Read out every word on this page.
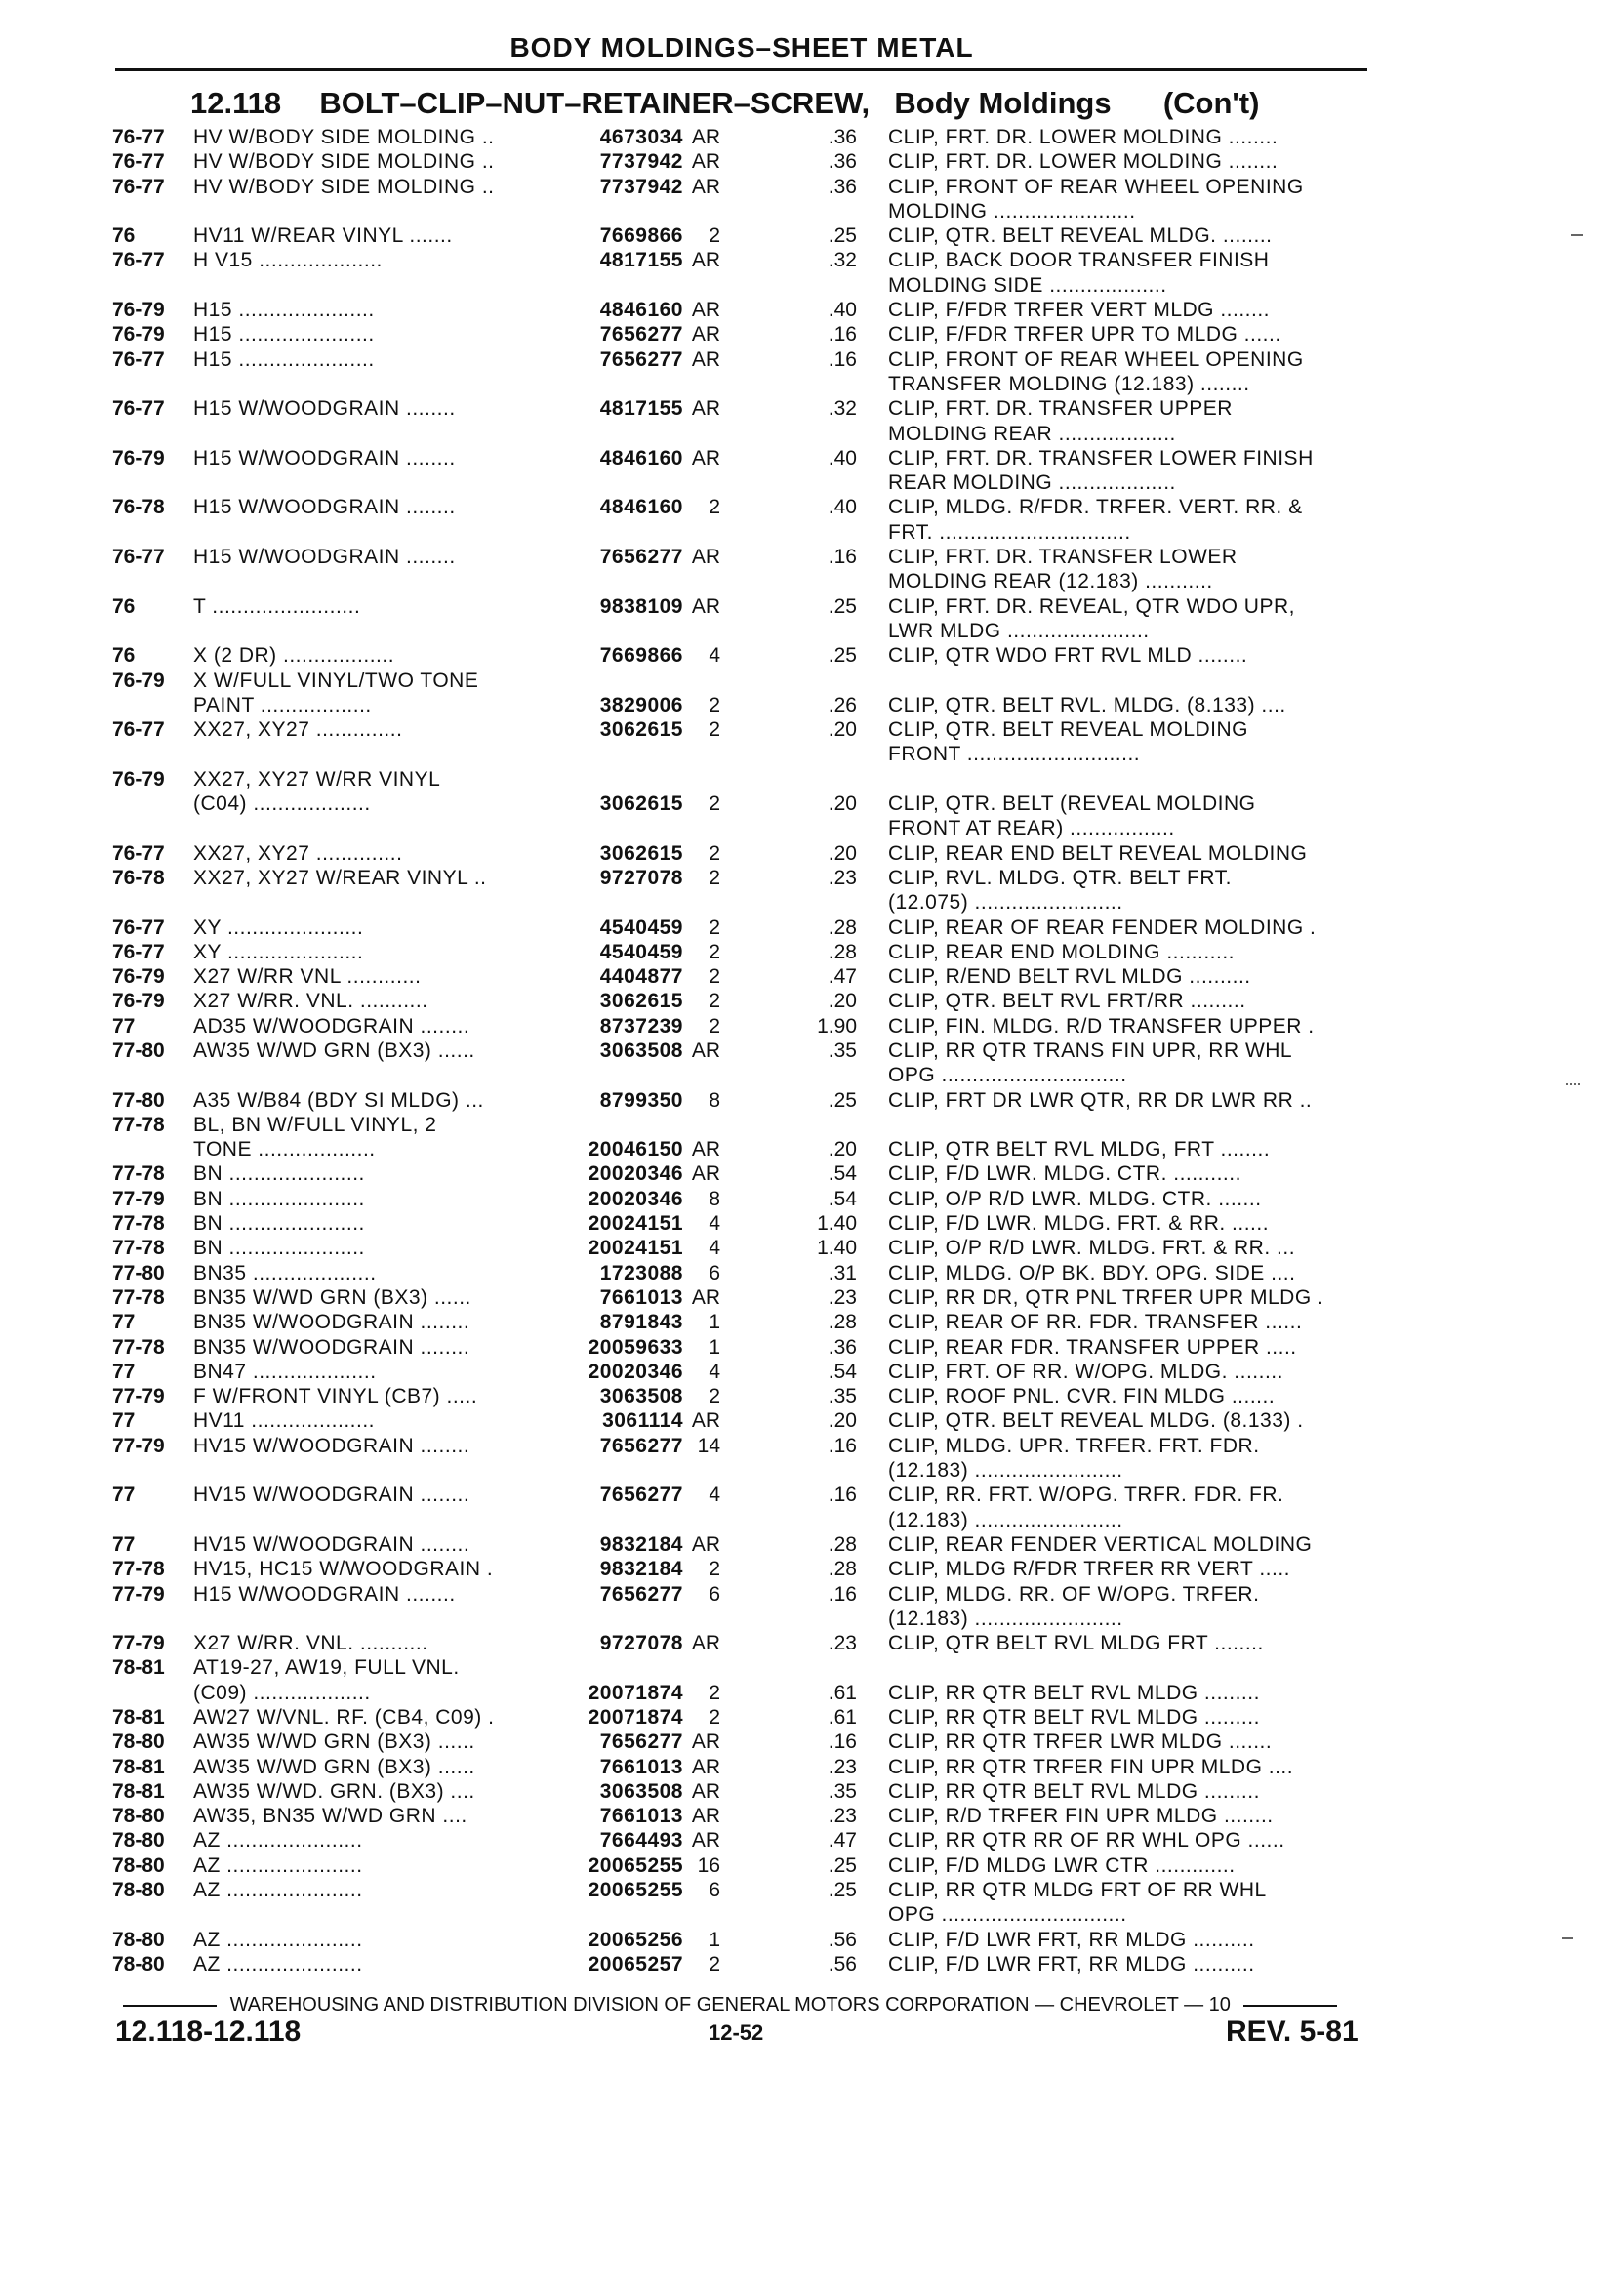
BODY MOLDINGS–SHEET METAL
12.118 BOLT–CLIP–NUT–RETAINER–SCREW, Body Moldings (Con't)
76-77	HV W/BODY SIDE MOLDING ..	4673034 AR	.36 CLIP, FRT. DR. LOWER MOLDING ........
76-77	HV W/BODY SIDE MOLDING ..	7737942 AR	.36 CLIP, FRT. DR. LOWER MOLDING ........
76-77	HV W/BODY SIDE MOLDING ..	7737942 AR	.36 CLIP, FRONT OF REAR WHEEL OPENING
MOLDING .......................
76	HV11 W/REAR VINYL .......	7669866	2	.25 CLIP, QTR. BELT REVEAL MLDG. ........
76-77	H V15 ....................	4817155 AR	.32 CLIP, BACK DOOR TRANSFER FINISH
MOLDING SIDE ...................
76-79	H15 ......................	4846160 AR	.40 CLIP, F/FDR TRFER VERT MLDG ........
76-79	H15 ......................	7656277 AR	.16 CLIP, F/FDR TRFER UPR TO MLDG ......
76-77	H15 ......................	7656277 AR	.16 CLIP, FRONT OF REAR WHEEL OPENING
TRANSFER MOLDING (12.183) ........
76-77	H15 W/WOODGRAIN ........	4817155 AR	.32 CLIP, FRT. DR. TRANSFER UPPER
MOLDING REAR ...................
76-79	H15 W/WOODGRAIN ........	4846160 AR	.40 CLIP, FRT. DR. TRANSFER LOWER FINISH
REAR MOLDING ...................
76-78	H15 W/WOODGRAIN ........	4846160	2	.40 CLIP, MLDG. R/FDR. TRFER. VERT. RR. &
FRT. ...............................
76-77	H15 W/WOODGRAIN ........	7656277 AR	.16 CLIP, FRT. DR. TRANSFER LOWER
MOLDING REAR (12.183) ...........
76	T ........................	9838109 AR	.25 CLIP, FRT. DR. REVEAL, QTR WDO UPR,
LWR MLDG .......................
76	X (2 DR) ..................	7669866	4	.25 CLIP, QTR WDO FRT RVL MLD ........
76-79	X W/FULL VINYL/TWO TONE
PAINT ..................	3829006	2	.26 CLIP, QTR. BELT RVL. MLDG. (8.133) ....
76-77	XX27, XY27 ..............	3062615	2	.20 CLIP, QTR. BELT REVEAL MOLDING
FRONT ............................
76-79	XX27, XY27 W/RR VINYL
(C04) ...................	3062615	2	.20 CLIP, QTR. BELT (REVEAL MOLDING
FRONT AT REAR) .................
76-77	XX27, XY27 ..............	3062615	2	.20 CLIP, REAR END BELT REVEAL MOLDING
76-78	XX27, XY27 W/REAR VINYL ..	9727078	2	.23 CLIP, RVL. MLDG. QTR. BELT FRT.
(12.075) ........................
76-77	XY ......................	4540459	2	.28 CLIP, REAR OF REAR FENDER MOLDING .
76-77	XY ......................	4540459	2	.28 CLIP, REAR END MOLDING ...........
76-79	X27 W/RR VNL ............	4404877	2	.47 CLIP, R/END BELT RVL MLDG ..........
76-79	X27 W/RR. VNL. ...........	3062615	2	.20 CLIP, QTR. BELT RVL FRT/RR .........
77	AD35 W/WOODGRAIN ........	8737239	2	1.90 CLIP, FIN. MLDG. R/D TRANSFER UPPER .
77-80	AW35 W/WD GRN (BX3) ......	3063508 AR	.35 CLIP, RR QTR TRANS FIN UPR, RR WHL
OPG ..............................
77-80	A35 W/B84 (BDY SI MLDG) ...	8799350	8	.25 CLIP, FRT DR LWR QTR, RR DR LWR RR ..
77-78	BL, BN W/FULL VINYL, 2
TONE ...................	20046150 AR	.20 CLIP, QTR BELT RVL MLDG, FRT ........
77-78	BN ......................	20020346 AR	.54 CLIP, F/D LWR. MLDG. CTR. ...........
77-79	BN ......................	20020346	8	.54 CLIP, O/P R/D LWR. MLDG. CTR. .......
77-78	BN ......................	20024151	4	1.40 CLIP, F/D LWR. MLDG. FRT. & RR. ......
77-78	BN ......................	20024151	4	1.40 CLIP, O/P R/D LWR. MLDG. FRT. & RR. ...
77-80	BN35 ....................	1723088	6	.31 CLIP, MLDG. O/P BK. BDY. OPG. SIDE ....
77-78	BN35 W/WD GRN (BX3) ......	7661013 AR	.23 CLIP, RR DR, QTR PNL TRFER UPR MLDG .
77	BN35 W/WOODGRAIN ........	8791843	1	.28 CLIP, REAR OF RR. FDR. TRANSFER ......
77-78	BN35 W/WOODGRAIN ........	20059633	1	.36 CLIP, REAR FDR. TRANSFER UPPER .....
77	BN47 ....................	20020346	4	.54 CLIP, FRT. OF RR. W/OPG. MLDG. ........
77-79	F W/FRONT VINYL (CB7) .....	3063508	2	.35 CLIP, ROOF PNL. CVR. FIN MLDG .......
77	HV11 ....................	3061114 AR	.20 CLIP, QTR. BELT REVEAL MLDG. (8.133) .
77-79	HV15 W/WOODGRAIN ........	7656277 14	.16 CLIP, MLDG. UPR. TRFER. FRT. FDR.
(12.183) ........................
77	HV15 W/WOODGRAIN ........	7656277	4	.16 CLIP, RR. FRT. W/OPG. TRFR. FDR. FR.
(12.183) ........................
77	HV15 W/WOODGRAIN ........	9832184 AR	.28 CLIP, REAR FENDER VERTICAL MOLDING
77-78	HV15, HC15 W/WOODGRAIN .	9832184	2	.28 CLIP, MLDG R/FDR TRFER RR VERT .....
77-79	H15 W/WOODGRAIN ........	7656277	6	.16 CLIP, MLDG. RR. OF W/OPG. TRFER.
(12.183) ........................
77-79	X27 W/RR. VNL. ...........	9727078 AR	.23 CLIP, QTR BELT RVL MLDG FRT ........
78-81	AT19-27, AW19, FULL VNL.
(C09) ...................	20071874	2	.61 CLIP, RR QTR BELT RVL MLDG .........
78-81	AW27 W/VNL. RF. (CB4, C09) .	20071874	2	.61 CLIP, RR QTR BELT RVL MLDG .........
78-80	AW35 W/WD GRN (BX3) ......	7656277 AR	.16 CLIP, RR QTR TRFER LWR MLDG .......
78-81	AW35 W/WD GRN (BX3) ......	7661013 AR	.23 CLIP, RR QTR TRFER FIN UPR MLDG ....
78-81	AW35 W/WD. GRN. (BX3) ....	3063508 AR	.35 CLIP, RR QTR BELT RVL MLDG .........
78-80	AW35, BN35 W/WD GRN ....	7661013 AR	.23 CLIP, R/D TRFER FIN UPR MLDG ........
78-80	AZ ......................	7664493 AR	.47 CLIP, RR QTR RR OF RR WHL OPG ......
78-80	AZ ......................	20065255 16	.25 CLIP, F/D MLDG LWR CTR .............
78-80	AZ ......................	20065255	6	.25 CLIP, RR QTR MLDG FRT OF RR WHL
OPG ..............................
78-80	AZ ......................	20065256	1	.56 CLIP, F/D LWR FRT, RR MLDG ..........
78-80	AZ ......................	20065257	2	.56 CLIP, F/D LWR FRT, RR MLDG ..........
WAREHOUSING AND DISTRIBUTION DIVISION OF GENERAL MOTORS CORPORATION — CHEVROLET — 10
12.118-12.118	12-52	REV. 5-81
